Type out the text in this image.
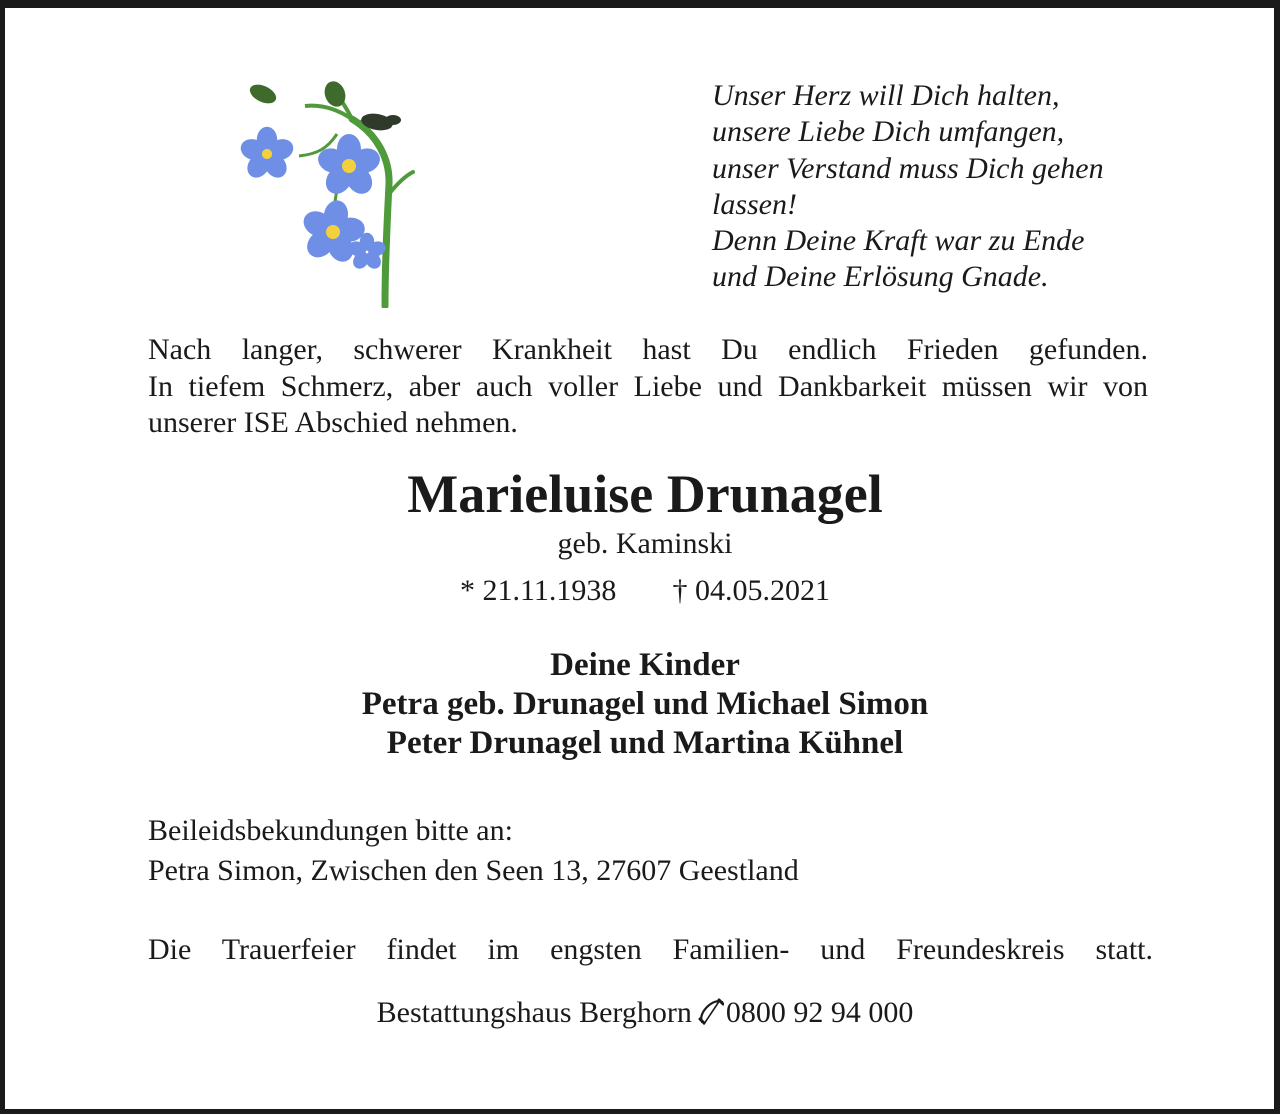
Unser Herz will Dich halten,
unsere Liebe Dich umfangen,
unser Verstand muss Dich gehen
lassen!
Denn Deine Kraft war zu Ende
und Deine Erlösung Gnade.
Nach langer, schwerer Krankheit hast Du endlich Frieden gefunden.
In tiefem Schmerz, aber auch voller Liebe und Dankbarkeit müssen wir von
unserer ISE Abschied nehmen.
Marieluise Drunagel
geb. Kaminski
* 21.11.1938 † 04.05.2021
Deine Kinder
Petra geb. Drunagel und Michael Simon
Peter Drunagel und Martina Kühnel
Beileidsbekundungen bitte an:
Petra Simon, Zwischen den Seen 13, 27607 Geestland
Die Trauerfeier findet im engsten Familien- und Freundeskreis statt.
Bestattungshaus Berghorn 0800 92 94 000
